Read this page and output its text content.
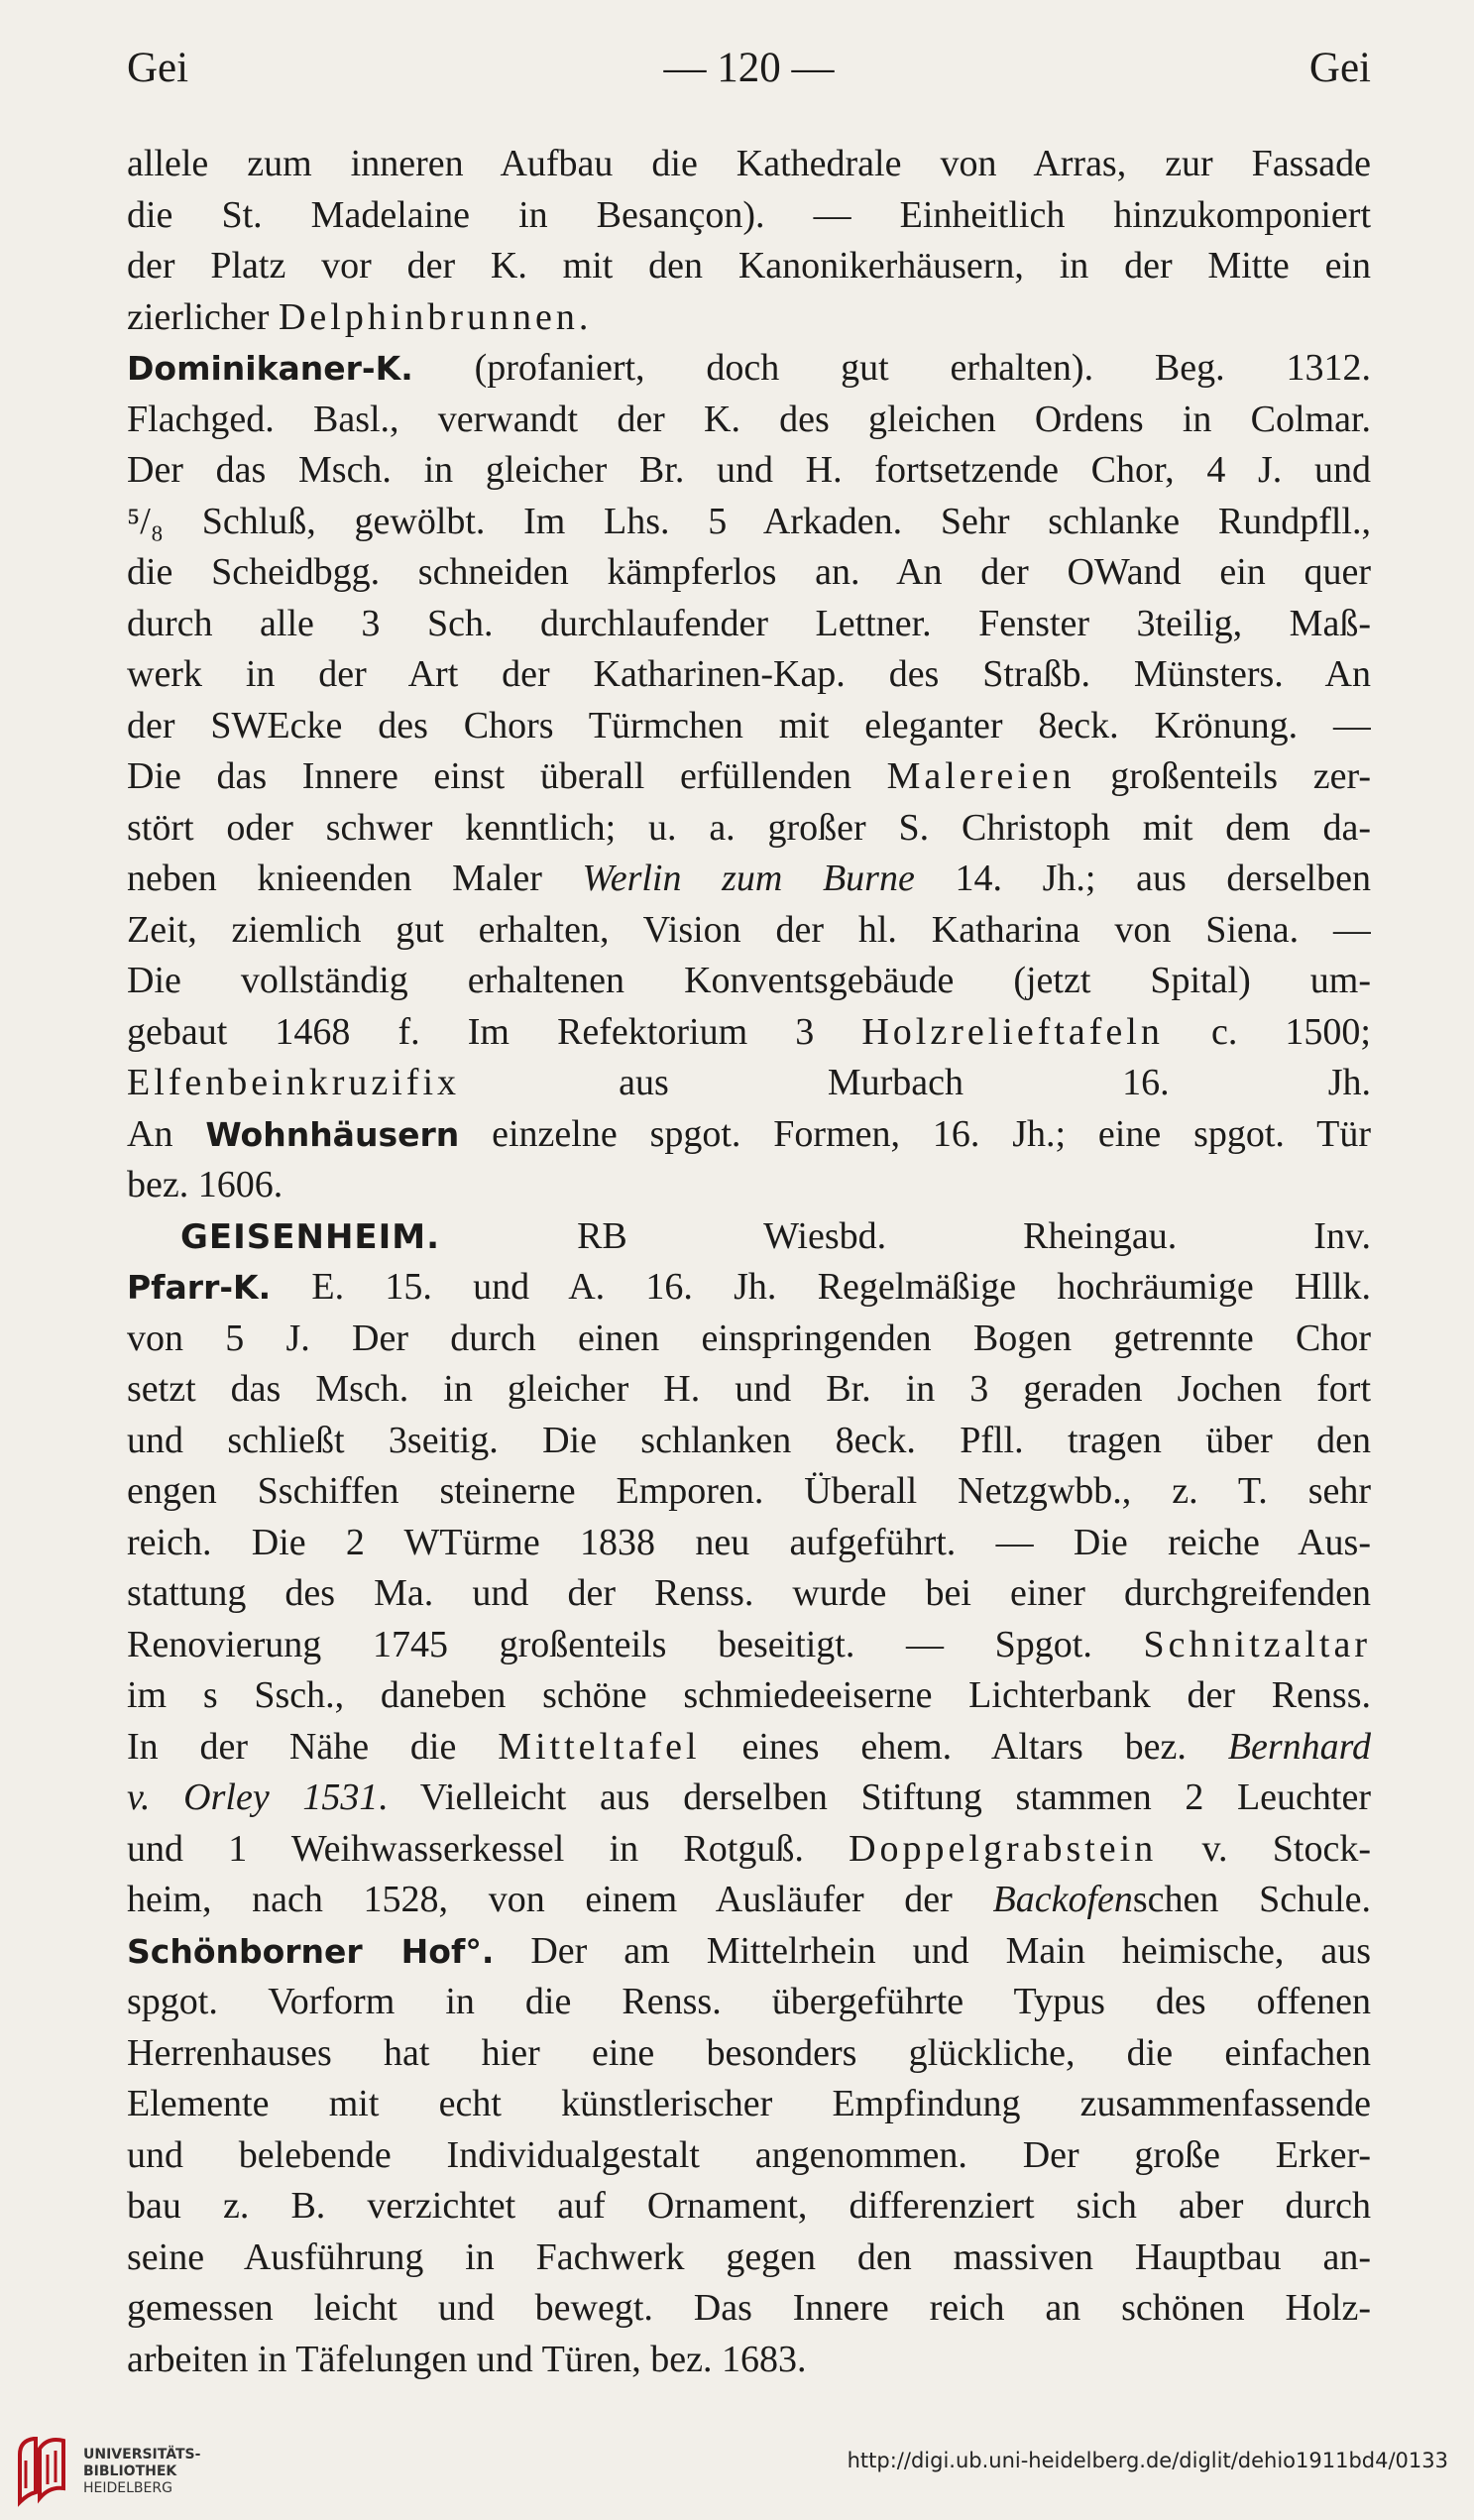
Gei	— 120 —	Gei
allele zum inneren Aufbau die Kathedrale von Arras, zur Fassade
die St. Madelaine in Besançon). — Einheitlich hinzukomponiert
der Platz vor der K. mit den Kanonikerhäusern, in der Mitte ein
zierlicher Delphinbrunnen.
Dominikaner-K. (profaniert, doch gut erhalten). Beg. 1312.
Flachged. Basl., verwandt der K. des gleichen Ordens in Colmar.
Der das Msch. in gleicher Br. und H. fortsetzende Chor, 4 J. und
⁵/₈ Schluß, gewölbt. Im Lhs. 5 Arkaden. Sehr schlanke Rundpfll.,
die Scheidbgg. schneiden kämpferlos an. An der OWand ein quer
durch alle 3 Sch. durchlaufender Lettner. Fenster 3teilig, Maß-
werk in der Art der Katharinen-Kap. des Straßb. Münsters. An
der SWEcke des Chors Türmchen mit eleganter 8eck. Krönung. —
Die das Innere einst überall erfüllenden Malereien großenteils zer-
stört oder schwer kenntlich; u. a. großer S. Christoph mit dem da-
neben knieenden Maler Werlin zum Burne 14. Jh.; aus derselben
Zeit, ziemlich gut erhalten, Vision der hl. Katharina von Siena. —
Die vollständig erhaltenen Konventsgebäude (jetzt Spital) um-
gebaut 1468 f. Im Refektorium 3 Holzrelieftafeln c. 1500;
Elfenbeinkruzifix aus Murbach 16. Jh.
An Wohnhäusern einzelne spgot. Formen, 16. Jh.; eine spgot. Tür
bez. 1606.
GEISENHEIM. RB Wiesbd. Rheingau. Inv.
Pfarr-K. E. 15. und A. 16. Jh. Regelmäßige hochräumige Hllk.
von 5 J. Der durch einen einspringenden Bogen getrennte Chor
setzt das Msch. in gleicher H. und Br. in 3 geraden Jochen fort
und schließt 3seitig. Die schlanken 8eck. Pfll. tragen über den
engen Sschiffen steinerne Emporen. Überall Netzgwbb., z. T. sehr
reich. Die 2 WTürme 1838 neu aufgeführt. — Die reiche Aus-
stattung des Ma. und der Renss. wurde bei einer durchgreifenden
Renovierung 1745 großenteils beseitigt. — Spgot. Schnitzaltar
im s Ssch., daneben schöne schmiedeeiserne Lichterbank der Renss.
In der Nähe die Mitteltafel eines ehem. Altars bez. Bernhard
v. Orley 1531. Vielleicht aus derselben Stiftung stammen 2 Leuchter
und 1 Weihwasserkessel in Rotguß. Doppelgrabstein v. Stock-
heim, nach 1528, von einem Ausläufer der Backofenschen Schule.
Schönborner Hof°. Der am Mittelrhein und Main heimische, aus
spgot. Vorform in die Renss. übergeführte Typus des offenen
Herrenhauses hat hier eine besonders glückliche, die einfachen
Elemente mit echt künstlerischer Empfindung zusammenfassende
und belebende Individualgestalt angenommen. Der große Erker-
bau z. B. verzichtet auf Ornament, differenziert sich aber durch
seine Ausführung in Fachwerk gegen den massiven Hauptbau an-
gemessen leicht und bewegt. Das Innere reich an schönen Holz-
arbeiten in Täfelungen und Türen, bez. 1683.
UNIVERSITÄTS-
BIBLIOTHEK
HEIDELBERG
http://digi.ub.uni-heidelberg.de/diglit/dehio1911bd4/0133
